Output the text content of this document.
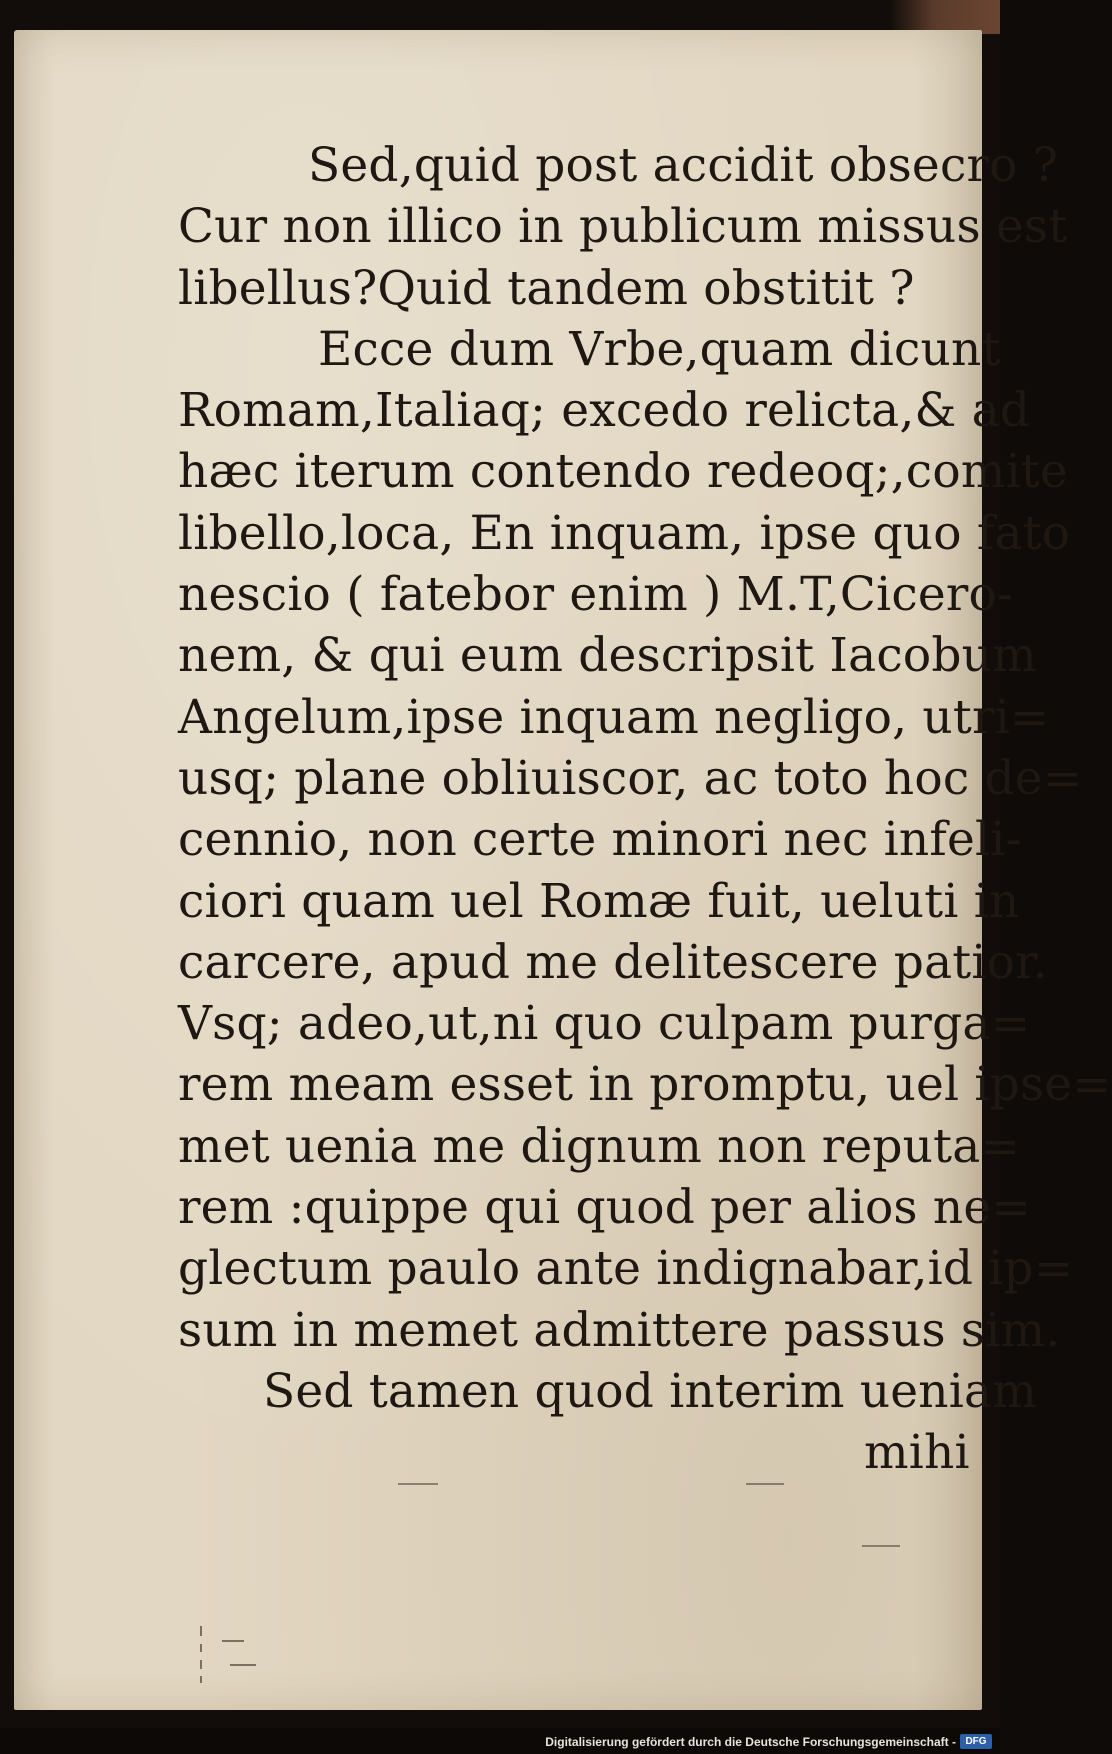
Sed,quid post accidit obsecro ?
Cur non illico in publicum missus est
libellus?Quid tandem obstitit ?
Ecce dum Vrbe,quam dicunt
Romam,Italiaq; excedo relicta,& ad
hæc iterum contendo redeoq;,comite
libello,loca, En inquam, ipse quo fato
nescio ( fatebor enim ) M.T,Cicero-
nem, & qui eum descripsit Iacobum
Angelum,ipse inquam negligo, utri=
usq; plane obliuiscor, ac toto hoc de=
cennio, non certe minori nec infeli-
ciori quam uel Romæ fuit, ueluti in
carcere, apud me delitescere patior.
Vsq; adeo,ut,ni quo culpam purga=
rem meam esset in promptu, uel ipse=
met uenia me dignum non reputa=
rem :quippe qui quod per alios ne=
glectum paulo ante indignabar,id ip=
sum in memet admittere passus sim.
Sed tamen quod interim ueniam
mihi
Digitalisierung gefördert durch die Deutsche Forschungsgemeinschaft - DFG
